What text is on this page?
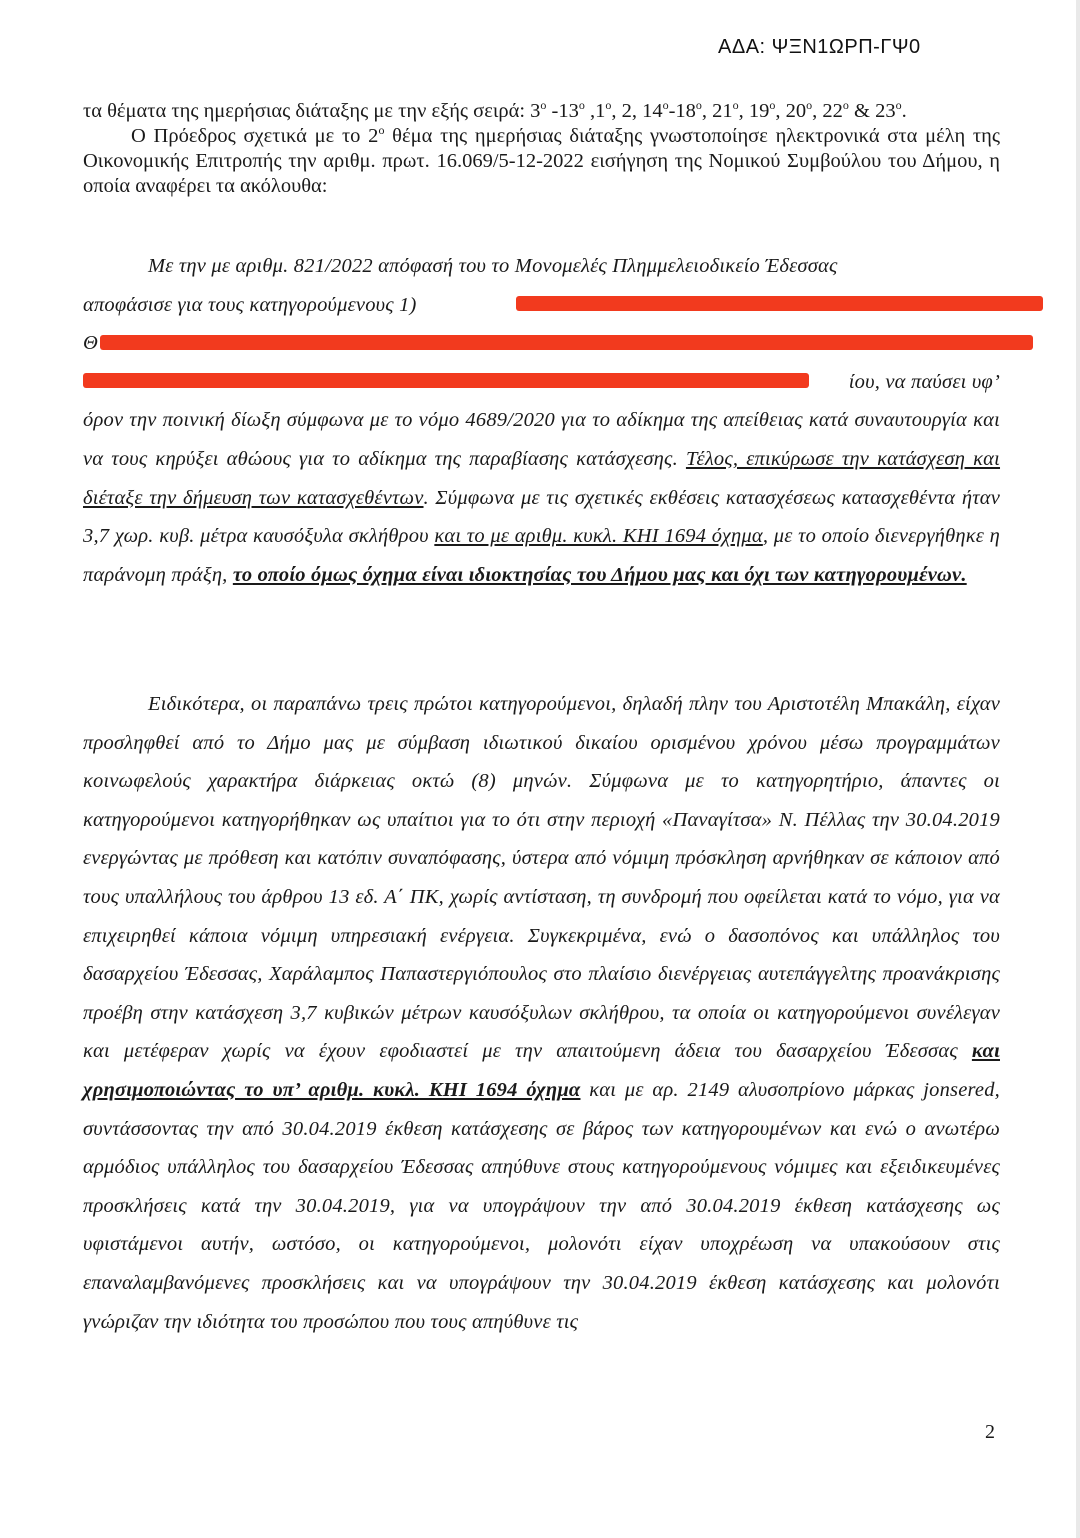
ΑΔΑ: ΨΞΝ1ΩΡΠ-ΓΨ0

τα θέματα της ημερήσιας διάταξης με την εξής σειρά: $3^o$ $-13^o$ $,1^o$, 2, $14^o-18^o$, $21^o$, $19^o$, $20^o$, $22^o$ & $23^o$.

Ο Πρόεδρος σχετικά με το $2^o$ θέμα της ημερήσιας διάταξης γνωστοποίησε ηλεκτρονικά στα μέλη της Οικονομικής Επιτροπής την αριθμ. πρωτ. 16.069/5-12-2022 εισήγηση της Νομικού Συμβούλου του Δήμου, η οποία αναφέρει τα ακόλουθα:

Με την με αριθμ. 821/2022 απόφασή του το Μονομελές Πλημμελειοδικείο Έδεσσας

αποφάσισε για τους κατηγορούμενους 1)

Θ

ίου, να παύσει υφ’

όρον την ποινική δίωξη σύμφωνα με το νόμο 4689/2020 για το αδίκημα της απείθειας κατά συναυτουργία και να τους κηρύξει αθώους για το αδίκημα της παραβίασης κατάσχεσης. Τέλος, επικύρωσε την κατάσχεση και διέταξε την δήμευση των κατασχεθέντων. Σύμφωνα με τις σχετικές εκθέσεις κατασχέσεως κατασχεθέντα ήταν 3,7 χωρ. κυβ. μέτρα καυσόξυλα σκλήθρου και το με αριθμ. κυκλ. ΚΗΙ 1694 όχημα, με το οποίο διενεργήθηκε η παράνομη πράξη, το οποίο όμως όχημα είναι ιδιοκτησίας του Δήμου μας και όχι των κατηγορουμένων.

Ειδικότερα, οι παραπάνω τρεις πρώτοι κατηγορούμενοι, δηλαδή πλην του Αριστοτέλη Μπακάλη, είχαν προσληφθεί από το Δήμο μας με σύμβαση ιδιωτικού δικαίου ορισμένου χρόνου μέσω προγραμμάτων κοινωφελούς χαρακτήρα διάρκειας οκτώ (8) μηνών. Σύμφωνα με το κατηγορητήριο, άπαντες οι κατηγορούμενοι κατηγορήθηκαν ως υπαίτιοι για το ότι στην περιοχή «Παναγίτσα» Ν. Πέλλας την 30.04.2019 ενεργώντας με πρόθεση και κατόπιν συναπόφασης, ύστερα από νόμιμη πρόσκληση αρνήθηκαν σε κάποιον από τους υπαλλήλους του άρθρου 13 εδ. Α΄ ΠΚ, χωρίς αντίσταση, τη συνδρομή που οφείλεται κατά το νόμο, για να επιχειρηθεί κάποια νόμιμη υπηρεσιακή ενέργεια. Συγκεκριμένα, ενώ ο δασοπόνος και υπάλληλος του δασαρχείου Έδεσσας, Χαράλαμπος Παπαστεργιόπουλος στο πλαίσιο διενέργειας αυτεπάγγελτης προανάκρισης προέβη στην κατάσχεση 3,7 κυβικών μέτρων καυσόξυλων σκλήθρου, τα οποία οι κατηγορούμενοι συνέλεγαν και μετέφεραν χωρίς να έχουν εφοδιαστεί με την απαιτούμενη άδεια του δασαρχείου Έδεσσας και χρησιμοποιώντας το υπ’ αριθμ. κυκλ. ΚΗΙ 1694 όχημα και με αρ. 2149 αλυσοπρίονο μάρκας jonsered, συντάσσοντας την από 30.04.2019 έκθεση κατάσχεσης σε βάρος των κατηγορουμένων και ενώ ο ανωτέρω αρμόδιος υπάλληλος του δασαρχείου Έδεσσας απηύθυνε στους κατηγορούμενους νόμιμες και εξειδικευμένες προσκλήσεις κατά την 30.04.2019, για να υπογράψουν την από 30.04.2019 έκθεση κατάσχεσης ως υφιστάμενοι αυτήν, ωστόσο, οι κατηγορούμενοι, μολονότι είχαν υποχρέωση να υπακούσουν στις επαναλαμβανόμενες προσκλήσεις και να υπογράψουν την 30.04.2019 έκθεση κατάσχεσης και μολονότι γνώριζαν την ιδιότητα του προσώπου που τους απηύθυνε τις

2
